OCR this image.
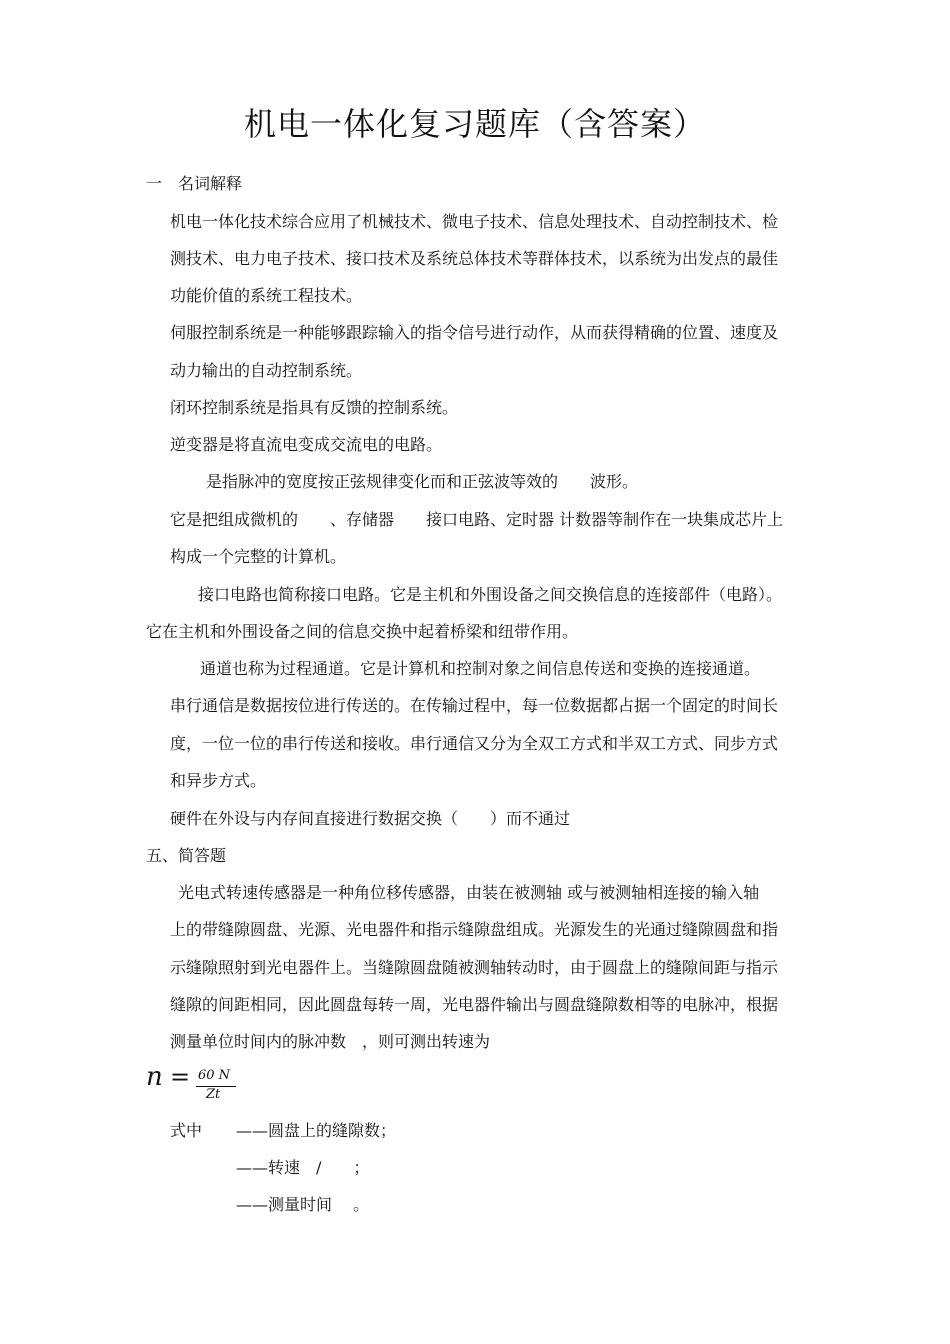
机电一体化复习题库（含答案）
一　名词解释
机电一体化技术综合应用了机械技术、微电子技术、信息处理技术、自动控制技术、检
测技术、电力电子技术、接口技术及系统总体技术等群体技术，以系统为出发点的最佳
功能价值的系统工程技术。
伺服控制系统是一种能够跟踪输入的指令信号进行动作，从而获得精确的位置、速度及
动力输出的自动控制系统。
闭环控制系统是指具有反馈的控制系统。
逆变器是将直流电变成交流电的电路。
是指脉冲的宽度按正弦规律变化而和正弦波等效的　　波形。
它是把组成微机的　　、存储器　　接口电路、定时器 计数器等制作在一块集成芯片上
构成一个完整的计算机。
接口电路也简称接口电路。它是主机和外围设备之间交换信息的连接部件（电路）。
它在主机和外围设备之间的信息交换中起着桥梁和纽带作用。
通道也称为过程通道。它是计算机和控制对象之间信息传送和变换的连接通道。
串行通信是数据按位进行传送的。在传输过程中，每一位数据都占据一个固定的时间长
度，一位一位的串行传送和接收。串行通信又分为全双工方式和半双工方式、同步方式
和异步方式。
硬件在外设与内存间直接进行数据交换（　　）而不通过
五、简答题
光电式转速传感器是一种角位移传感器，由装在被测轴 或与被测轴相连接的输入轴
上的带缝隙圆盘、光源、光电器件和指示缝隙盘组成。光源发生的光通过缝隙圆盘和指
示缝隙照射到光电器件上。当缝隙圆盘随被测轴转动时，由于圆盘上的缝隙间距与指示
缝隙的间距相同，因此圆盘每转一周，光电器件输出与圆盘缝隙数相等的电脉冲，根据
测量单位时间内的脉冲数　，则可测出转速为
n = 60 N
Zt
式中 ——圆盘上的缝隙数；
——转速　/　　；
——测量时间　 。
